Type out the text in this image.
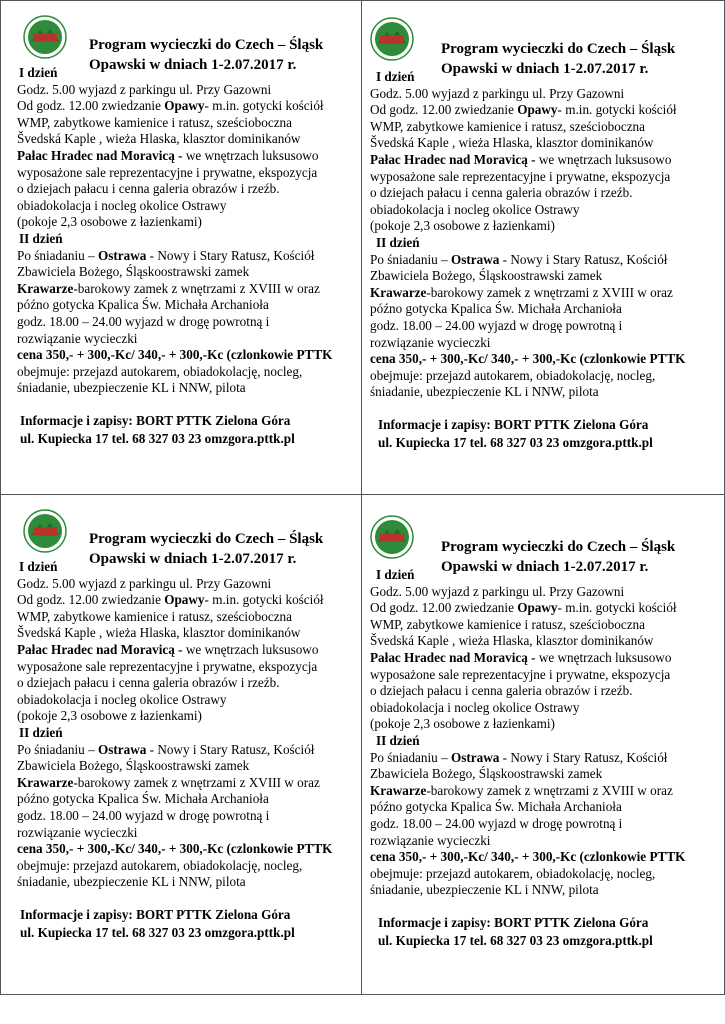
Program wycieczki do Czech – Śląsk
Opawski w dniach 1-2.07.2017 r.
I dzień
Godz. 5.00 wyjazd z parkingu ul. Przy Gazowni
Od godz. 12.00 zwiedzanie Opawy- m.in. gotycki kościół
WMP, zabytkowe kamienice i ratusz, sześcioboczna
Švedská Kaple , wieża Hlaska, klasztor dominikanów
Pałac Hradec nad Moravicą - we wnętrzach luksusowo
wyposażone sale reprezentacyjne i prywatne, ekspozycja
o dziejach pałacu i cenna galeria obrazów i rzeźb.
obiadokolacja i nocleg okolice Ostrawy
(pokoje 2,3 osobowe z łazienkami)
II dzień
Po śniadaniu – Ostrawa - Nowy i Stary Ratusz, Kościół
Zbawiciela Bożego, Śląskoostrawski zamek
Krawarze-barokowy zamek z wnętrzami z XVIII w oraz
późno gotycka Kpalica Św. Michała Archanioła
godz. 18.00 – 24.00 wyjazd w drogę powrotną i
rozwiązanie wycieczki
cena 350,- + 300,-Kc/ 340,- + 300,-Kc (czlonkowie PTTK
obejmuje: przejazd autokarem, obiadokolację, nocleg,
śniadanie, ubezpieczenie KL i NNW, pilota
Informacje i zapisy: BORT PTTK Zielona Góra
ul. Kupiecka 17 tel. 68 327 03 23 omzgora.pttk.pl
Program wycieczki do Czech – Śląsk
Opawski w dniach 1-2.07.2017 r.
I dzień
Godz. 5.00 wyjazd z parkingu ul. Przy Gazowni
Od godz. 12.00 zwiedzanie Opawy- m.in. gotycki kościół
WMP, zabytkowe kamienice i ratusz, sześcioboczna
Švedská Kaple , wieża Hlaska, klasztor dominikanów
Pałac Hradec nad Moravicą - we wnętrzach luksusowo
wyposażone sale reprezentacyjne i prywatne, ekspozycja
o dziejach pałacu i cenna galeria obrazów i rzeźb.
obiadokolacja i nocleg okolice Ostrawy
(pokoje 2,3 osobowe z łazienkami)
II dzień
Po śniadaniu – Ostrawa - Nowy i Stary Ratusz, Kościół
Zbawiciela Bożego, Śląskoostrawski zamek
Krawarze-barokowy zamek z wnętrzami z XVIII w oraz
późno gotycka Kpalica Św. Michała Archanioła
godz. 18.00 – 24.00 wyjazd w drogę powrotną i
rozwiązanie wycieczki
cena 350,- + 300,-Kc/ 340,- + 300,-Kc (czlonkowie PTTK
obejmuje: przejazd autokarem, obiadokolację, nocleg,
śniadanie, ubezpieczenie KL i NNW, pilota
Informacje i zapisy: BORT PTTK Zielona Góra
ul. Kupiecka 17 tel. 68 327 03 23 omzgora.pttk.pl
Program wycieczki do Czech – Śląsk
Opawski w dniach 1-2.07.2017 r.
I dzień
Godz. 5.00 wyjazd z parkingu ul. Przy Gazowni
Od godz. 12.00 zwiedzanie Opawy- m.in. gotycki kościół
WMP, zabytkowe kamienice i ratusz, sześcioboczna
Švedská Kaple , wieża Hlaska, klasztor dominikanów
Pałac Hradec nad Moravicą - we wnętrzach luksusowo
wyposażone sale reprezentacyjne i prywatne, ekspozycja
o dziejach pałacu i cenna galeria obrazów i rzeźb.
obiadokolacja i nocleg okolice Ostrawy
(pokoje 2,3 osobowe z łazienkami)
II dzień
Po śniadaniu – Ostrawa - Nowy i Stary Ratusz, Kościół
Zbawiciela Bożego, Śląskoostrawski zamek
Krawarze-barokowy zamek z wnętrzami z XVIII w oraz
późno gotycka Kpalica Św. Michała Archanioła
godz. 18.00 – 24.00 wyjazd w drogę powrotną i
rozwiązanie wycieczki
cena 350,- + 300,-Kc/ 340,- + 300,-Kc (czlonkowie PTTK
obejmuje: przejazd autokarem, obiadokolację, nocleg,
śniadanie, ubezpieczenie KL i NNW, pilota
Informacje i zapisy: BORT PTTK Zielona Góra
ul. Kupiecka 17 tel. 68 327 03 23 omzgora.pttk.pl
Program wycieczki do Czech – Śląsk
Opawski w dniach 1-2.07.2017 r.
I dzień
Godz. 5.00 wyjazd z parkingu ul. Przy Gazowni
Od godz. 12.00 zwiedzanie Opawy- m.in. gotycki kościół
WMP, zabytkowe kamienice i ratusz, sześcioboczna
Švedská Kaple , wieża Hlaska, klasztor dominikanów
Pałac Hradec nad Moravicą - we wnętrzach luksusowo
wyposażone sale reprezentacyjne i prywatne, ekspozycja
o dziejach pałacu i cenna galeria obrazów i rzeźb.
obiadokolacja i nocleg okolice Ostrawy
(pokoje 2,3 osobowe z łazienkami)
II dzień
Po śniadaniu – Ostrawa - Nowy i Stary Ratusz, Kościół
Zbawiciela Bożego, Śląskoostrawski zamek
Krawarze-barokowy zamek z wnętrzami z XVIII w oraz
późno gotycka Kpalica Św. Michała Archanioła
godz. 18.00 – 24.00 wyjazd w drogę powrotną i
rozwiązanie wycieczki
cena 350,- + 300,-Kc/ 340,- + 300,-Kc (czlonkowie PTTK
obejmuje: przejazd autokarem, obiadokolację, nocleg,
śniadanie, ubezpieczenie KL i NNW, pilota
Informacje i zapisy: BORT PTTK Zielona Góra
ul. Kupiecka 17 tel. 68 327 03 23 omzgora.pttk.pl
